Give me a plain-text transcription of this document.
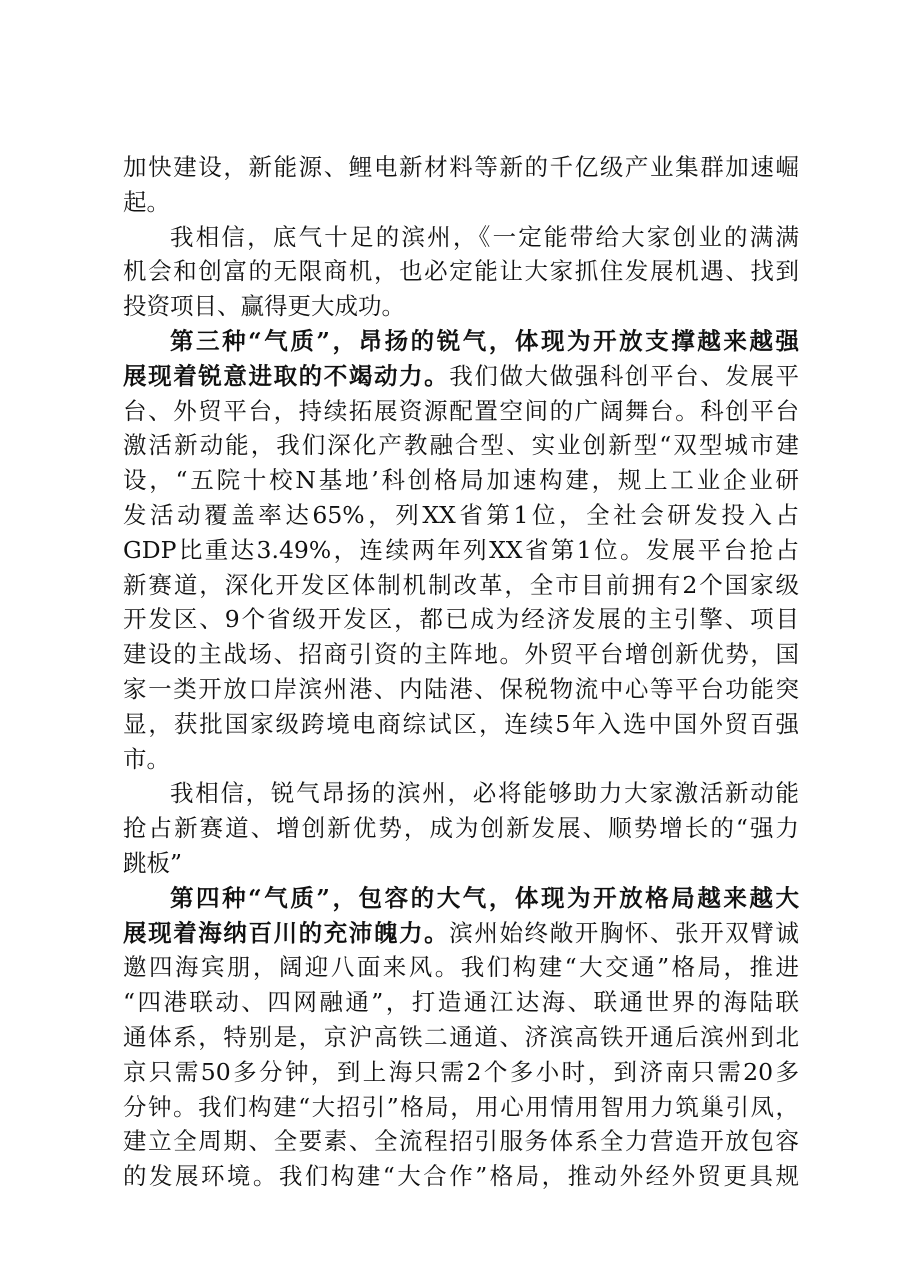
加快建设，新能源、鲤电新材料等新的千亿级产业集群加速崛
起。
我相信，底气十足的滨州，《一定能带给大家创业的满满
机会和创富的无限商机，也必定能让大家抓住发展机遇、找到
投资项目、赢得更大成功。
第三种“气质”，昂扬的锐气，体现为开放支撑越来越强
展现着锐意进取的不竭动力。我们做大做强科创平台、发展平
台、外贸平台，持续拓展资源配置空间的广阔舞台。科创平台
激活新动能，我们深化产教融合型、实业创新型“双型城市建
设，“五院十校N基地’科创格局加速构建，规上工业企业研
发活动覆盖率达65%，列XX省第1位，全社会研发投入占
GDP比重达3.49%，连续两年列XX省第1位。发展平台抢占
新赛道，深化开发区体制机制改革，全市目前拥有2个国家级
开发区、9个省级开发区，都已成为经济发展的主引擎、项目
建设的主战场、招商引资的主阵地。外贸平台增创新优势，国
家一类开放口岸滨州港、内陆港、保税物流中心等平台功能突
显，获批国家级跨境电商综试区，连续5年入选中国外贸百强
市。
我相信，锐气昂扬的滨州，必将能够助力大家激活新动能
抢占新赛道、增创新优势，成为创新发展、顺势增长的“强力
跳板”
第四种“气质”，包容的大气，体现为开放格局越来越大
展现着海纳百川的充沛魄力。滨州始终敞开胸怀、张开双臂诚
邀四海宾朋，阔迎八面来风。我们构建“大交通”格局，推进
“四港联动、四网融通”，打造通江达海、联通世界的海陆联
通体系，特别是，京沪高铁二通道、济滨高铁开通后滨州到北
京只需50多分钟，到上海只需2个多小时，到济南只需20多
分钟。我们构建“大招引”格局，用心用情用智用力筑巢引凤，
建立全周期、全要素、全流程招引服务体系全力营造开放包容
的发展环境。我们构建“大合作”格局，推动外经外贸更具规
